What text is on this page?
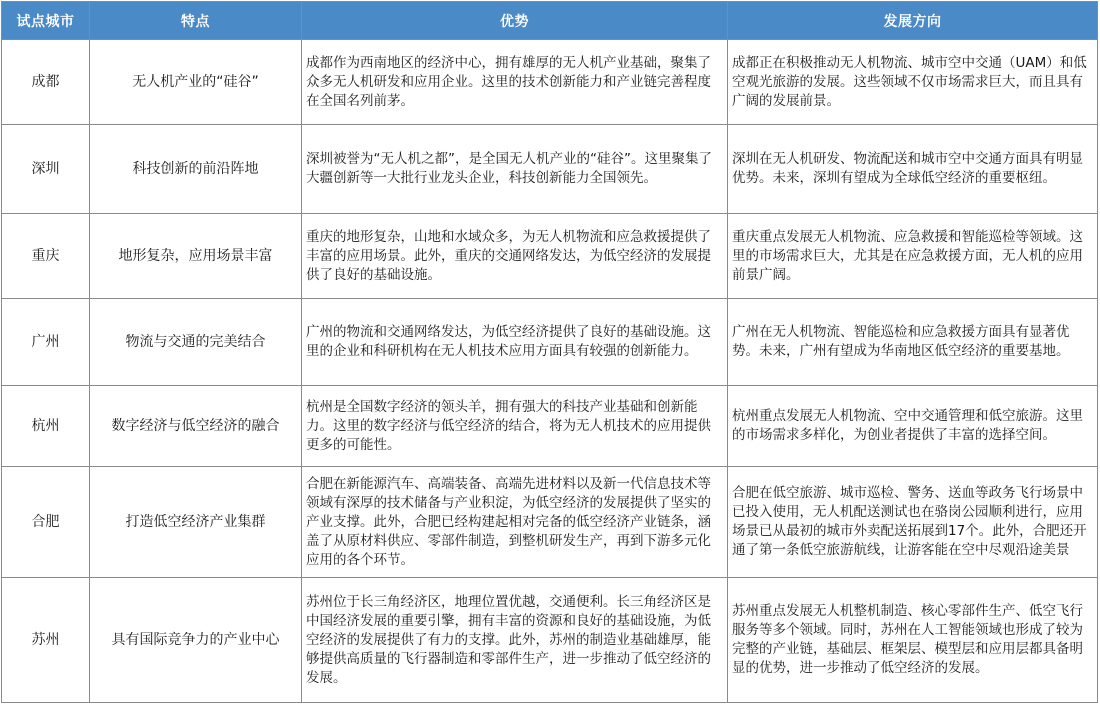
试点城市	特点	优势	发展方向
成都	无人机产业的“硅谷”	成都作为西南地区的经济中心，拥有雄厚的无人机产业基础，聚集了众多无人机研发和应用企业。这里的技术创新能力和产业链完善程度在全国名列前茅。	成都正在积极推动无人机物流、城市空中交通（UAM）和低空观光旅游的发展。这些领域不仅市场需求巨大，而且具有广阔的发展前景。
深圳	科技创新的前沿阵地	深圳被誉为“无人机之都”，是全国无人机产业的“硅谷”。这里聚集了大疆创新等一大批行业龙头企业，科技创新能力全国领先。	深圳在无人机研发、物流配送和城市空中交通方面具有明显优势。未来，深圳有望成为全球低空经济的重要枢纽。
重庆	地形复杂，应用场景丰富	重庆的地形复杂，山地和水域众多，为无人机物流和应急救援提供了丰富的应用场景。此外，重庆的交通网络发达，为低空经济的发展提供了良好的基础设施。	重庆重点发展无人机物流、应急救援和智能巡检等领域。这里的市场需求巨大，尤其是在应急救援方面，无人机的应用前景广阔。
广州	物流与交通的完美结合	广州的物流和交通网络发达，为低空经济提供了良好的基础设施。这里的企业和科研机构在无人机技术应用方面具有较强的创新能力。	广州在无人机物流、智能巡检和应急救援方面具有显著优势。未来，广州有望成为华南地区低空经济的重要基地。
杭州	数字经济与低空经济的融合	杭州是全国数字经济的领头羊，拥有强大的科技产业基础和创新能力。这里的数字经济与低空经济的结合，将为无人机技术的应用提供更多的可能性。	杭州重点发展无人机物流、空中交通管理和低空旅游。这里的市场需求多样化，为创业者提供了丰富的选择空间。
合肥	打造低空经济产业集群	合肥在新能源汽车、高端装备、高端先进材料以及新一代信息技术等领域有深厚的技术储备与产业积淀，为低空经济的发展提供了坚实的产业支撑。此外，合肥已经构建起相对完备的低空经济产业链条，涵盖了从原材料供应、零部件制造，到整机研发生产，再到下游多元化应用的各个环节。	合肥在低空旅游、城市巡检、警务、送血等政务飞行场景中已投入使用，无人机配送测试也在骆岗公园顺利进行，应用场景已从最初的城市外卖配送拓展到17个。此外，合肥还开通了第一条低空旅游航线，让游客能在空中尽观沿途美景
苏州	具有国际竞争力的产业中心	苏州位于长三角经济区，地理位置优越，交通便利。长三角经济区是中国经济发展的重要引擎，拥有丰富的资源和良好的基础设施，为低空经济的发展提供了有力的支撑。此外，苏州的制造业基础雄厚，能够提供高质量的飞行器制造和零部件生产，进一步推动了低空经济的发展。	苏州重点发展无人机整机制造、核心零部件生产、低空飞行服务等多个领域。同时，苏州在人工智能领域也形成了较为完整的产业链，基础层、框架层、模型层和应用层都具备明显的优势，进一步推动了低空经济的发展。
